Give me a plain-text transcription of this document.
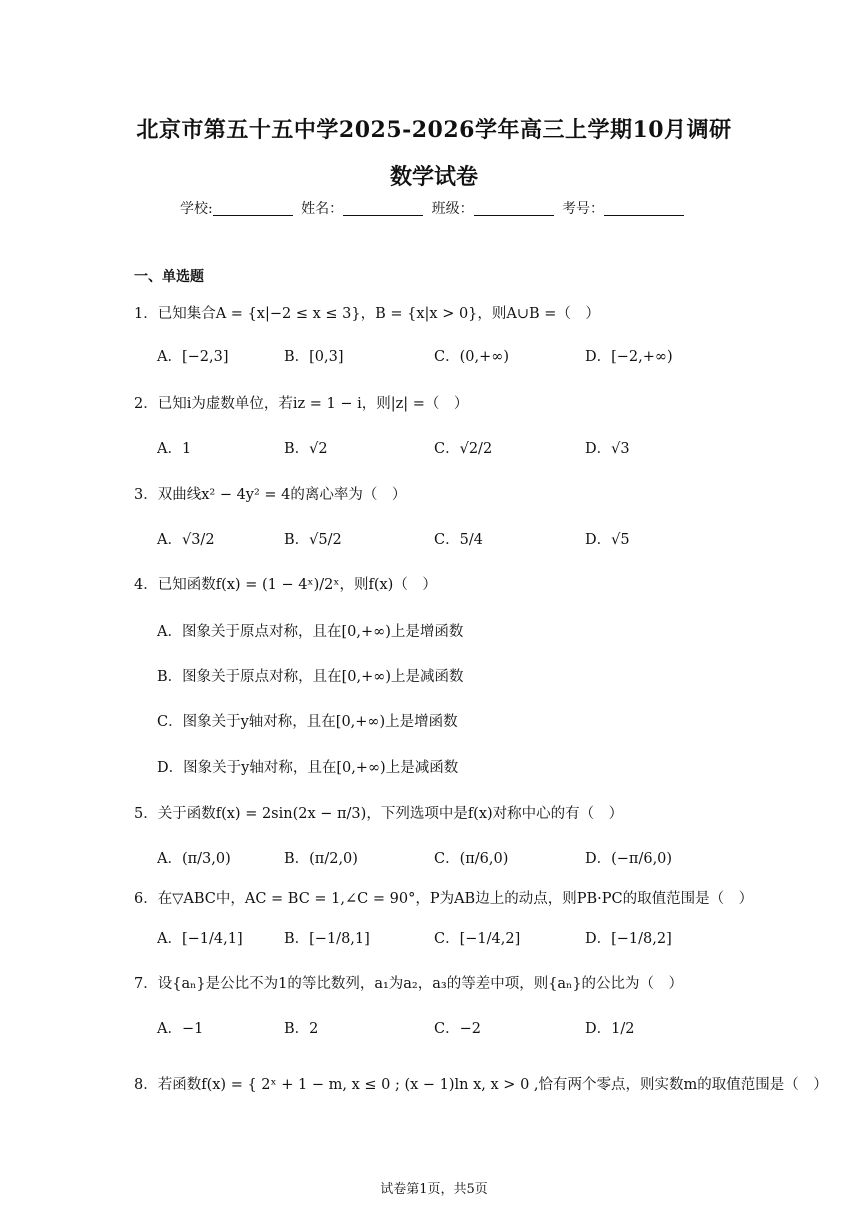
北京市第五十五中学2025-2026学年高三上学期10月调研
数学试卷
学校:	姓名：	班级：	考号：
一、单选题
1．已知集合A = {x|−2 ≤ x ≤ 3}，B = {x|x > 0}，则A∪B =（　）
A．[−2,3]	B．[0,3]	C．(0,+∞)	D．[−2,+∞)
2．已知i为虚数单位，若iz = 1 − i，则|z| =（　）
A．1	B．√2	C．√2/2	D．√3
3．双曲线x² − 4y² = 4的离心率为（　）
A．√3/2	B．√5/2	C．5/4	D．√5
4．已知函数f(x) = (1 − 4ˣ)/2ˣ，则f(x)（　）
A．图象关于原点对称，且在[0,+∞)上是增函数
B．图象关于原点对称，且在[0,+∞)上是减函数
C．图象关于y轴对称，且在[0,+∞)上是增函数
D．图象关于y轴对称，且在[0,+∞)上是减函数
5．关于函数f(x) = 2sin(2x − π/3)，下列选项中是f(x)对称中心的有（　）
A．(π/3,0)	B．(π/2,0)	C．(π/6,0)	D．(−π/6,0)
6．在▽ABC中，AC = BC = 1,∠C = 90°，P为AB边上的动点，则PB·PC的取值范围是（　）
A．[−1/4,1]	B．[−1/8,1]	C．[−1/4,2]	D．[−1/8,2]
7．设{aₙ}是公比不为1的等比数列，a₁为a₂，a₃的等差中项，则{aₙ}的公比为（　）
A．−1	B．2	C．−2	D．1/2
8．若函数f(x) = { 2ˣ + 1 − m, x ≤ 0 ; (x − 1)ln x, x > 0 ,恰有两个零点，则实数m的取值范围是（　）
试卷第1页，共5页
